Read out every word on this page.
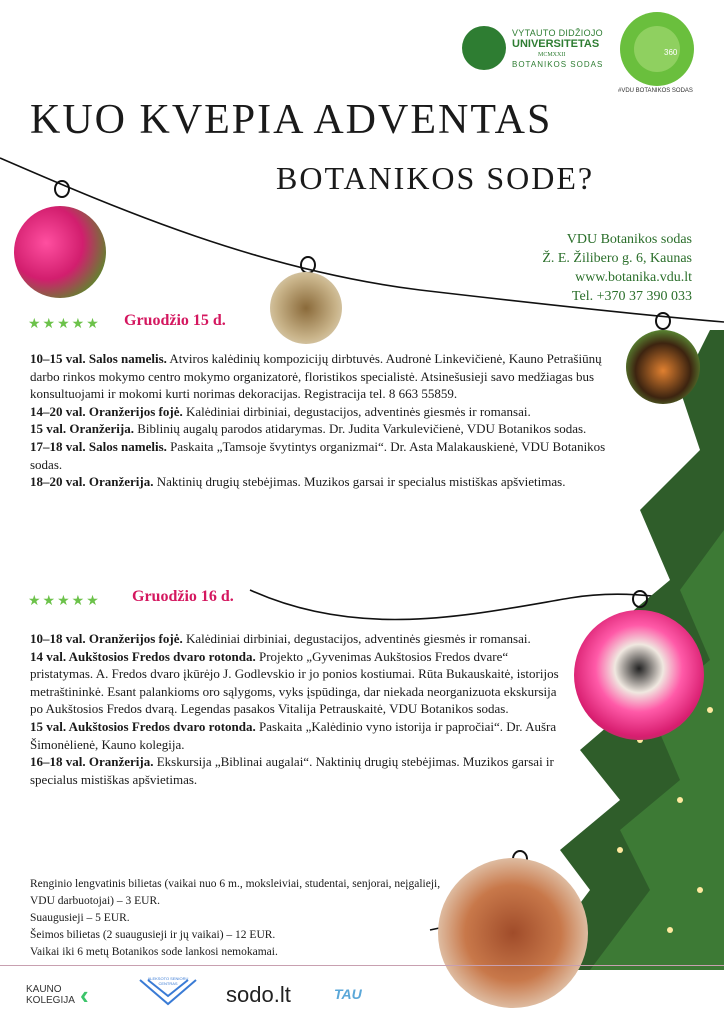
VYTAUTO DIDŽIOJO
UNIVERSITETAS
MCMXXII
BOTANIKOS SODAS
360
#VDU BOTANIKOS SODAS
KUO KVEPIA ADVENTAS
BOTANIKOS SODE?
VDU Botanikos sodas
Ž. E. Žilibero g. 6, Kaunas
www.botanika.vdu.lt
Tel. +370 37 390 033
★★★★★ Gruodžio 15 d.

10–15 val. Salos namelis. Atviros kalėdinių kompozicijų dirbtuvės. Audronė Linkevičienė, Kauno Petrašiūnų darbo rinkos mokymo centro mokymo organizatorė, floristikos specialistė. Atsinešusieji savo medžiagas bus konsultuojami ir mokomi kurti norimas dekoracijas. Registracija tel. 8 663 55859.

14–20 val. Oranžerijos fojė. Kalėdiniai dirbiniai, degustacijos, adventinės giesmės ir romansai.

15 val. Oranžerija. Biblinių augalų parodos atidarymas. Dr. Judita Varkulevičienė, VDU Botanikos sodas.

17–18 val. Salos namelis. Paskaita „Tamsoje švytintys organizmai“. Dr. Asta Malakauskienė, VDU Botanikos sodas.

18–20 val. Oranžerija. Naktinių drugių stebėjimas. Muzikos garsai ir specialus mistiškas apšvietimas.

★★★★★ Gruodžio 16 d.

10–18 val. Oranžerijos fojė. Kalėdiniai dirbiniai, degustacijos, adventinės giesmės ir romansai.

14 val. Aukštosios Fredos dvaro rotonda. Projekto „Gyvenimas Aukštosios Fredos dvare“ pristatymas. A. Fredos dvaro įkūrėjo J. Godlevskio ir jo ponios kostiumai. Rūta Bukauskaitė, istorijos metraštininkė. Esant palankioms oro sąlygoms, vyks įspūdinga, dar niekada neorganizuota ekskursija po Aukštosios Fredos dvarą. Legendas pasakos Vitalija Petrauskaitė, VDU Botanikos sodas.

15 val. Aukštosios Fredos dvaro rotonda. Paskaita „Kalėdinio vyno istorija ir papročiai“. Dr. Aušra Šimonėlienė, Kauno kolegija.

16–18 val. Oranžerija. Ekskursija „Biblinai augalai“. Naktinių drugių stebėjimas. Muzikos garsai ir specialus mistiškas apšvietimas.

Renginio lengvatinis bilietas (vaikai nuo 6 m., moksleiviai, studentai, senjorai, neįgalieji, VDU darbuotojai) – 3 EUR.

Suaugusieji – 5 EUR.

Šeimos bilietas (2 suaugusieji ir jų vaikai) – 12 EUR.

Vaikai iki 6 metų Botanikos sode lankosi nemokamai.

KAUNO
KOLEGIJA ‹
ALEKSOTO SENIORŲ CENTRAS	sodo.lt	TAU
